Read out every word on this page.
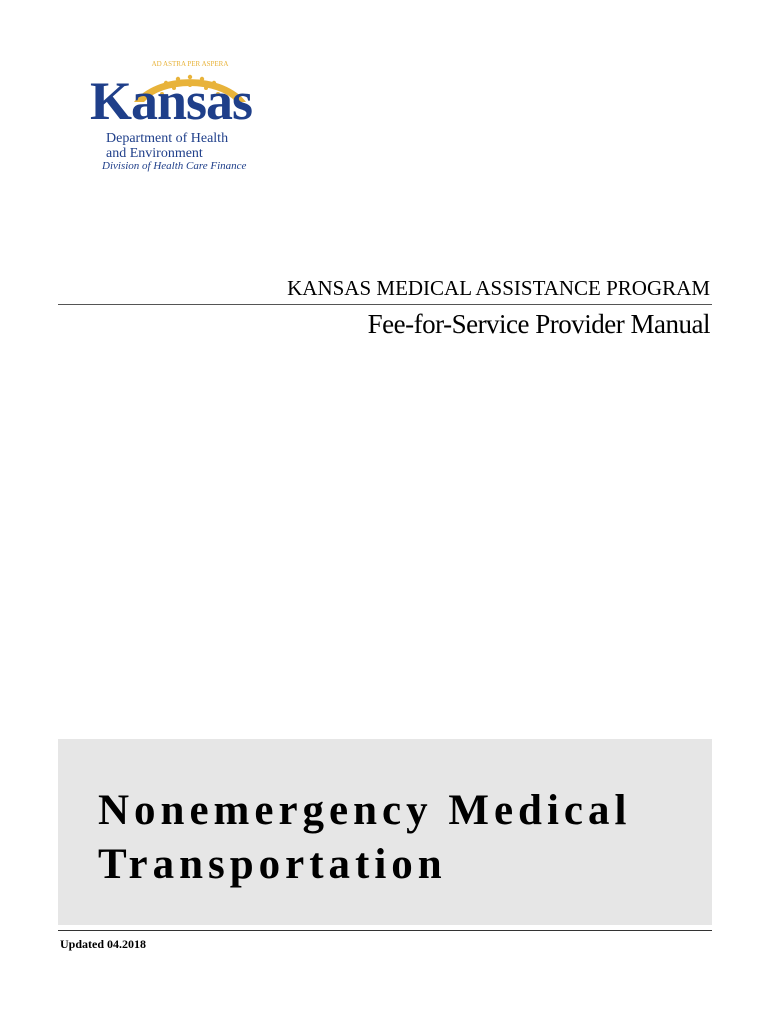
AD ASTRA PER ASPERA
Kansas
Department of Health
and Environment
Division of Health Care Finance
KANSAS MEDICAL ASSISTANCE PROGRAM
Fee-for-Service Provider Manual
Nonemergency Medical
Transportation
Updated 04.2018
